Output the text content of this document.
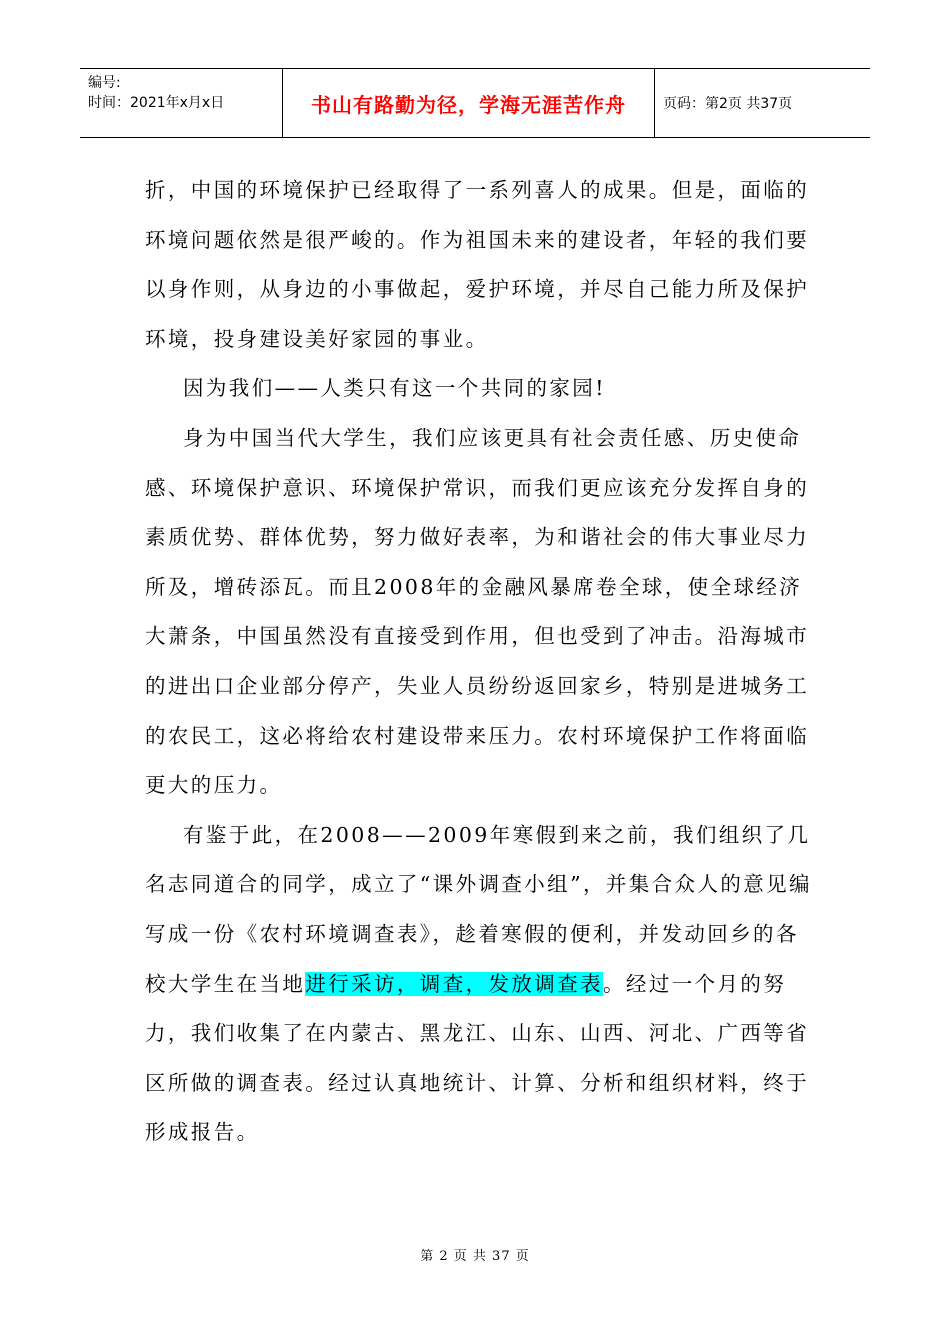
编号:
时间：2021年x月x日	书山有路勤为径，学海无涯苦作舟	页码：第2页 共37页

折，中国的环境保护已经取得了一系列喜人的成果。但是，面临的环境问题依然是很严峻的。作为祖国未来的建设者，年轻的我们要以身作则，从身边的小事做起，爱护环境，并尽自己能力所及保护环境，投身建设美好家园的事业。

因为我们——人类只有这一个共同的家园!

身为中国当代大学生，我们应该更具有社会责任感、历史使命感、环境保护意识、环境保护常识，而我们更应该充分发挥自身的素质优势、群体优势，努力做好表率，为和谐社会的伟大事业尽力所及，增砖添瓦。而且2008年的金融风暴席卷全球，使全球经济大萧条，中国虽然没有直接受到作用，但也受到了冲击。沿海城市的进出口企业部分停产，失业人员纷纷返回家乡，特别是进城务工的农民工，这必将给农村建设带来压力。农村环境保护工作将面临更大的压力。

有鉴于此，在2008——2009年寒假到来之前，我们组织了几名志同道合的同学，成立了“课外调查小组”，并集合众人的意见编写成一份《农村环境调查表》，趁着寒假的便利，并发动回乡的各校大学生在当地进行采访，调查，发放调查表。经过一个月的努力，我们收集了在内蒙古、黑龙江、山东、山西、河北、广西等省区所做的调查表。经过认真地统计、计算、分析和组织材料，终于形成报告。

第 2 页 共 37 页
